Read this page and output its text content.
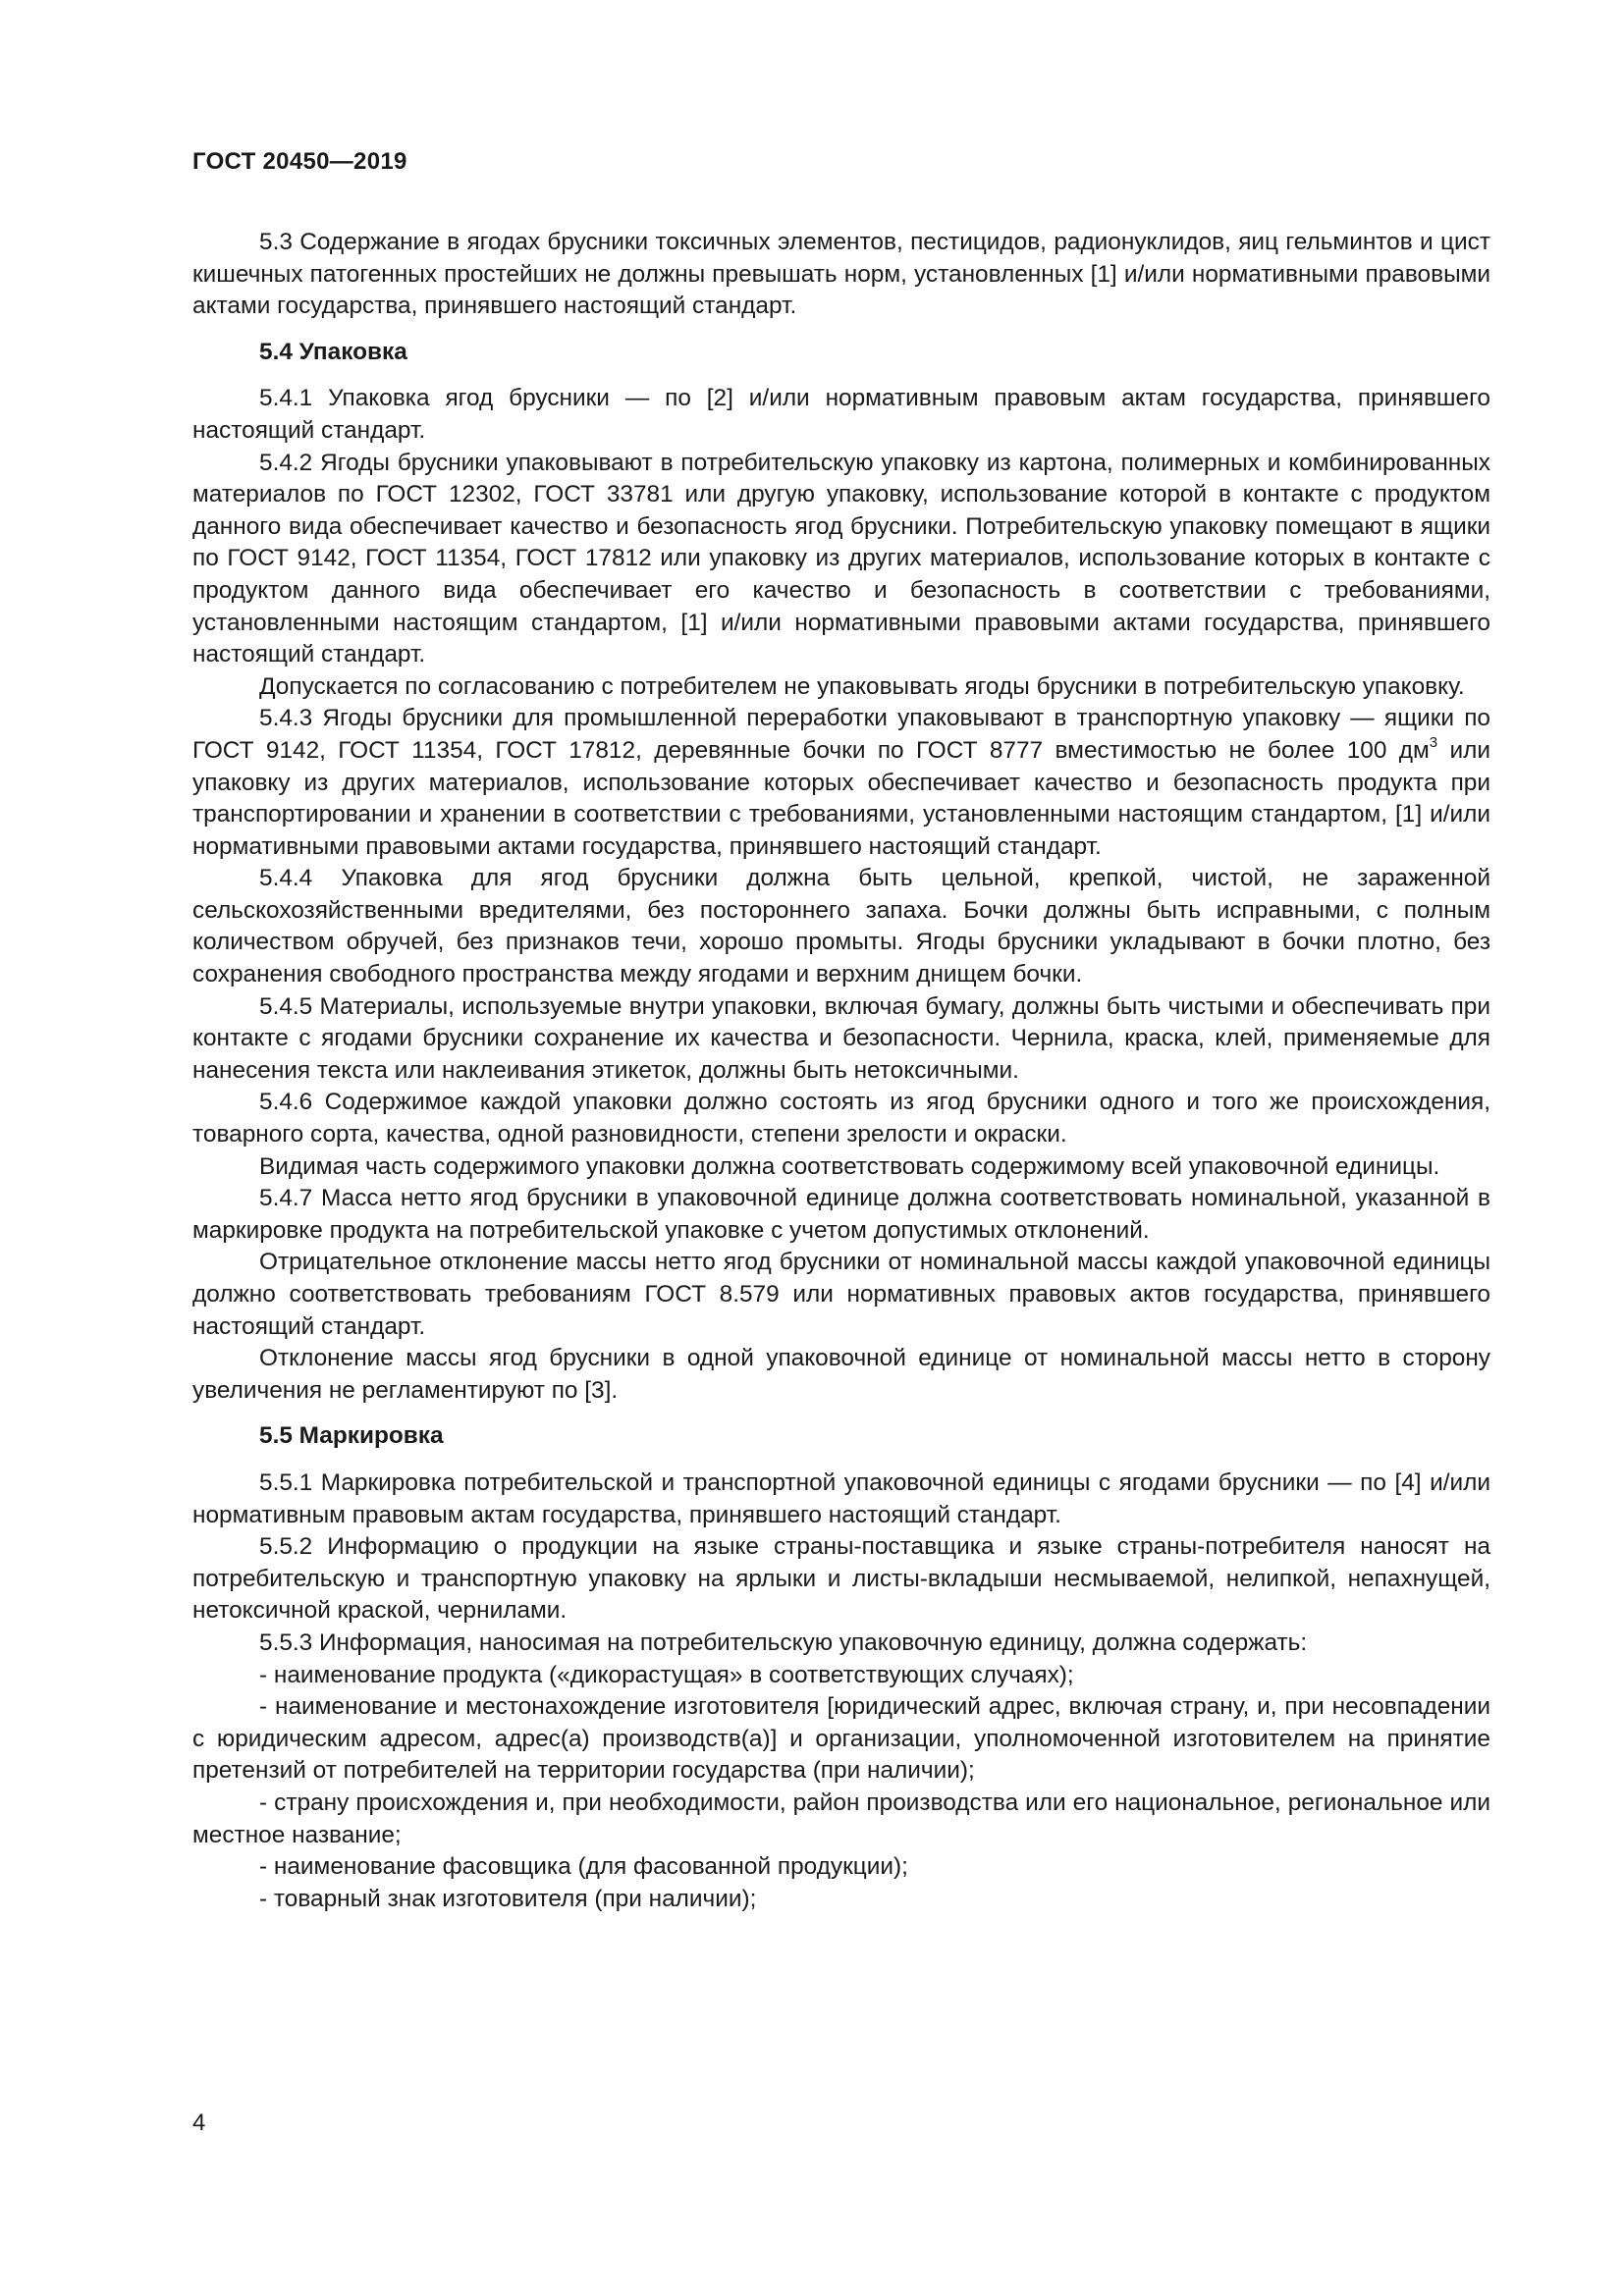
ГОСТ 20450—2019

5.3 Содержание в ягодах брусники токсичных элементов, пестицидов, радионуклидов, яиц гельминтов и цист кишечных патогенных простейших не должны превышать норм, установленных [1] и/или нормативными правовыми актами государства, принявшего настоящий стандарт.

5.4 Упаковка

5.4.1 Упаковка ягод брусники — по [2] и/или нормативным правовым актам государства, принявшего настоящий стандарт.

5.4.2 Ягоды брусники упаковывают в потребительскую упаковку из картона, полимерных и комбинированных материалов по ГОСТ 12302, ГОСТ 33781 или другую упаковку, использование которой в контакте с продуктом данного вида обеспечивает качество и безопасность ягод брусники. Потребительскую упаковку помещают в ящики по ГОСТ 9142, ГОСТ 11354, ГОСТ 17812 или упаковку из других материалов, использование которых в контакте с продуктом данного вида обеспечивает его качество и безопасность в соответствии с требованиями, установленными настоящим стандартом, [1] и/или нормативными правовыми актами государства, принявшего настоящий стандарт.

Допускается по согласованию с потребителем не упаковывать ягоды брусники в потребительскую упаковку.

5.4.3 Ягоды брусники для промышленной переработки упаковывают в транспортную упаковку — ящики по ГОСТ 9142, ГОСТ 11354, ГОСТ 17812, деревянные бочки по ГОСТ 8777 вместимостью не более 100 $дм^3$ или упаковку из других материалов, использование которых обеспечивает качество и безопасность продукта при транспортировании и хранении в соответствии с требованиями, установленными настоящим стандартом, [1] и/или нормативными правовыми актами государства, принявшего настоящий стандарт.

5.4.4 Упаковка для ягод брусники должна быть цельной, крепкой, чистой, не зараженной сельскохозяйственными вредителями, без постороннего запаха. Бочки должны быть исправными, с полным количеством обручей, без признаков течи, хорошо промыты. Ягоды брусники укладывают в бочки плотно, без сохранения свободного пространства между ягодами и верхним днищем бочки.

5.4.5 Материалы, используемые внутри упаковки, включая бумагу, должны быть чистыми и обеспечивать при контакте с ягодами брусники сохранение их качества и безопасности. Чернила, краска, клей, применяемые для нанесения текста или наклеивания этикеток, должны быть нетоксичными.

5.4.6 Содержимое каждой упаковки должно состоять из ягод брусники одного и того же происхождения, товарного сорта, качества, одной разновидности, степени зрелости и окраски.

Видимая часть содержимого упаковки должна соответствовать содержимому всей упаковочной единицы.

5.4.7 Масса нетто ягод брусники в упаковочной единице должна соответствовать номинальной, указанной в маркировке продукта на потребительской упаковке с учетом допустимых отклонений.

Отрицательное отклонение массы нетто ягод брусники от номинальной массы каждой упаковочной единицы должно соответствовать требованиям ГОСТ 8.579 или нормативных правовых актов государства, принявшего настоящий стандарт.

Отклонение массы ягод брусники в одной упаковочной единице от номинальной массы нетто в сторону увеличения не регламентируют по [3].

5.5 Маркировка

5.5.1 Маркировка потребительской и транспортной упаковочной единицы с ягодами брусники — по [4] и/или нормативным правовым актам государства, принявшего настоящий стандарт.

5.5.2 Информацию о продукции на языке страны-поставщика и языке страны-потребителя наносят на потребительскую и транспортную упаковку на ярлыки и листы-вкладыши несмываемой, нелипкой, непахнущей, нетоксичной краской, чернилами.

5.5.3 Информация, наносимая на потребительскую упаковочную единицу, должна содержать:

- наименование продукта («дикорастущая» в соответствующих случаях);

- наименование и местонахождение изготовителя [юридический адрес, включая страну, и, при несовпадении с юридическим адресом, адрес(а) производств(а)] и организации, уполномоченной изготовителем на принятие претензий от потребителей на территории государства (при наличии);

- страну происхождения и, при необходимости, район производства или его национальное, региональное или местное название;

- наименование фасовщика (для фасованной продукции);

- товарный знак изготовителя (при наличии);

4
